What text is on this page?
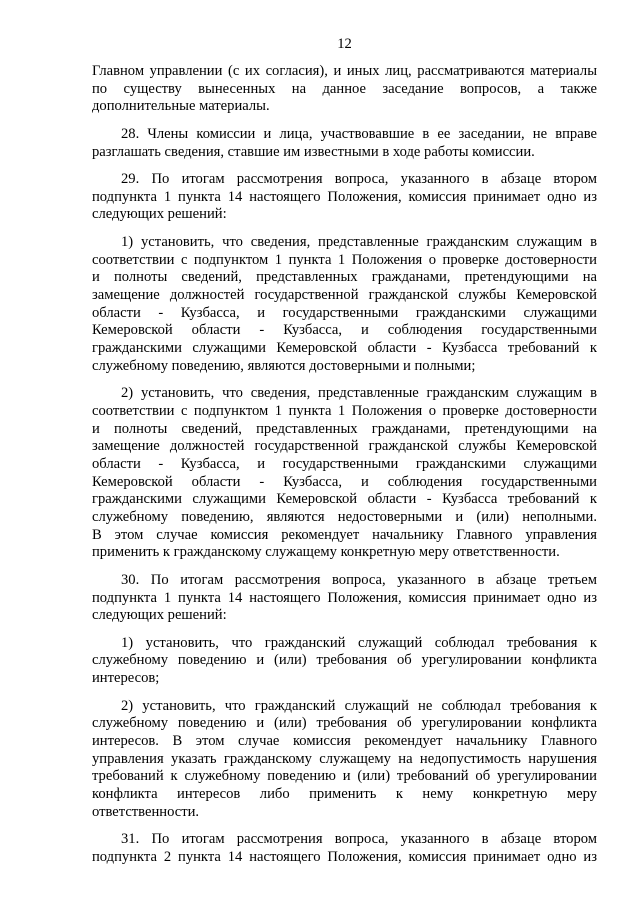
12
Главном управлении (с их согласия), и иных лиц, рассматриваются материалы
по существу вынесенных на данное заседание вопросов, а также
дополнительные материалы.
28. Члены комиссии и лица, участвовавшие в ее заседании, не вправе
разглашать сведения, ставшие им известными в ходе работы комиссии.
29. По итогам рассмотрения вопроса, указанного в абзаце втором
подпункта 1 пункта 14 настоящего Положения, комиссия принимает одно из
следующих решений:
1) установить, что сведения, представленные гражданским служащим в
соответствии с подпунктом 1 пункта 1 Положения о проверке достоверности
и полноты сведений, представленных гражданами, претендующими на
замещение должностей государственной гражданской службы Кемеровской
области - Кузбасса, и государственными гражданскими служащими
Кемеровской области - Кузбасса, и соблюдения государственными
гражданскими служащими Кемеровской области - Кузбасса требований к
служебному поведению, являются достоверными и полными;
2) установить, что сведения, представленные гражданским служащим в
соответствии с подпунктом 1 пункта 1 Положения о проверке достоверности
и полноты сведений, представленных гражданами, претендующими на
замещение должностей государственной гражданской службы Кемеровской
области - Кузбасса, и государственными гражданскими служащими
Кемеровской области - Кузбасса, и соблюдения государственными
гражданскими служащими Кемеровской области - Кузбасса требований к
служебному поведению, являются недостоверными и (или) неполными.
В этом случае комиссия рекомендует начальнику Главного управления
применить к гражданскому служащему конкретную меру ответственности.
30. По итогам рассмотрения вопроса, указанного в абзаце третьем
подпункта 1 пункта 14 настоящего Положения, комиссия принимает одно из
следующих решений:
1) установить, что гражданский служащий соблюдал требования к
служебному поведению и (или) требования об урегулировании конфликта
интересов;
2) установить, что гражданский служащий не соблюдал требования к
служебному поведению и (или) требования об урегулировании конфликта
интересов. В этом случае комиссия рекомендует начальнику Главного
управления указать гражданскому служащему на недопустимость нарушения
требований к служебному поведению и (или) требований об урегулировании
конфликта интересов либо применить к нему конкретную меру
ответственности.
31. По итогам рассмотрения вопроса, указанного в абзаце втором
подпункта 2 пункта 14 настоящего Положения, комиссия принимает одно из
